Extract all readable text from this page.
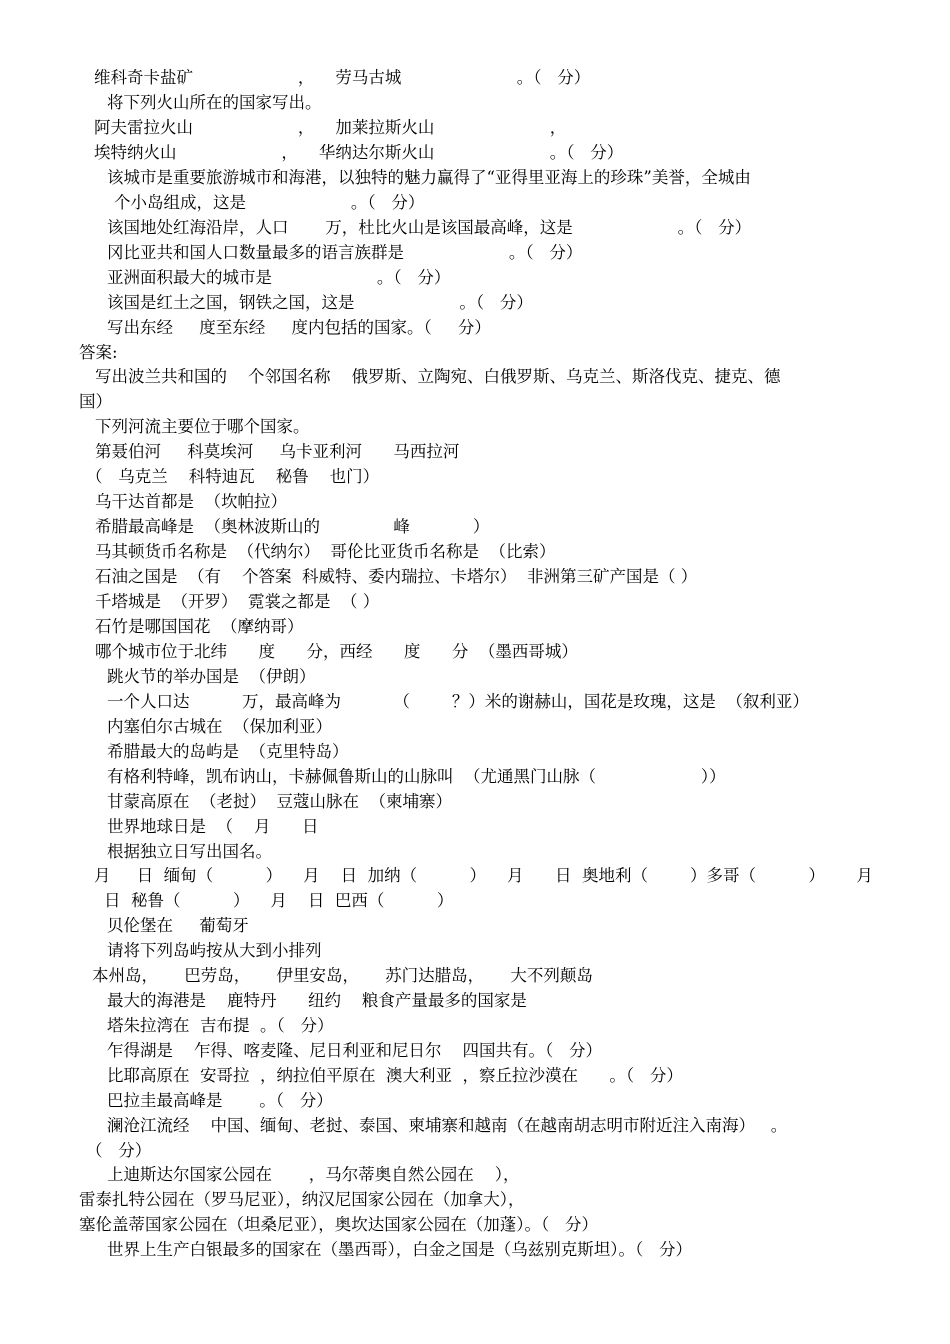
维科奇卡盐矿                    ，    劳马古城                      。（   分）
将下列火山所在的国家写出。
阿夫雷拉火山                    ，    加莱拉斯火山                      ，
埃特纳火山                    ，    华纳达尔斯火山                      。（   分）
该城市是重要旅游城市和海港，以独特的魅力赢得了“亚得里亚海上的珍珠”美誉，全城由
个小岛组成，这是                    。（   分）
该国地处红海沿岸，人口       万，杜比火山是该国最高峰，这是                    。（   分）
冈比亚共和国人口数量最多的语言族群是                    。（   分）
亚洲面积最大的城市是                    。（   分）
该国是红土之国，钢铁之国，这是                    。（   分）
写出东经     度至东经     度内包括的国家。（     分）
答案:
写出波兰共和国的    个邻国名称    俄罗斯、立陶宛、白俄罗斯、乌克兰、斯洛伐克、捷克、德
国）
下列河流主要位于哪个国家。
第聂伯河     科莫埃河     乌卡亚利河      马西拉河
（   乌克兰    科特迪瓦    秘鲁    也门）
乌干达首都是  （坎帕拉）
希腊最高峰是  （奥林波斯山的              峰            ）
马其顿货币名称是  （代纳尔）  哥伦比亚货币名称是  （比索）
石油之国是  （有    个答案  科威特、委内瑞拉、卡塔尔）  非洲第三矿产国是（ ）
千塔城是  （开罗）  霓裳之都是  （ ）
石竹是哪国国花  （摩纳哥）
哪个城市位于北纬      度      分，西经      度      分  （墨西哥城）
跳火节的举办国是  （伊朗）
一个人口达          万，最高峰为          （        ？）米的谢赫山，国花是玫瑰，这是  （叙利亚）
内塞伯尔古城在  （保加利亚）
希腊最大的岛屿是  （克里特岛）
有格利特峰，凯布讷山，卡赫佩鲁斯山的山脉叫  （尤通黑门山脉（                    ））
甘蒙高原在  （老挝）  豆蔻山脉在  （柬埔寨）
世界地球日是  （    月      日
根据独立日写出国名。
月     日  缅甸（          ）    月    日  加纳（          ）    月      日  奥地利（        ）多哥（          ）      月
日  秘鲁（          ）    月    日  巴西（          ）
贝伦堡在     葡萄牙
请将下列岛屿按从大到小排列
本州岛，     巴劳岛，     伊里安岛，     苏门达腊岛，     大不列颠岛
最大的海港是    鹿特丹      纽约    粮食产量最多的国家是
塔朱拉湾在  吉布提  。（   分）
乍得湖是    乍得、喀麦隆、尼日利亚和尼日尔    四国共有。（   分）
比耶高原在  安哥拉  ，纳拉伯平原在  澳大利亚  ，察丘拉沙漠在      。（   分）
巴拉圭最高峰是       。（   分）
澜沧江流经    中国、缅甸、老挝、泰国、柬埔寨和越南（在越南胡志明市附近注入南海）   。
（   分）
上迪斯达尔国家公园在       ，马尔蒂奥自然公园在    ），
雷泰扎特公园在（罗马尼亚），纳汉尼国家公园在（加拿大），
塞伦盖蒂国家公园在（坦桑尼亚），奥坎达国家公园在（加蓬）。（   分）
世界上生产白银最多的国家在（墨西哥），白金之国是（乌兹别克斯坦）。（   分）
